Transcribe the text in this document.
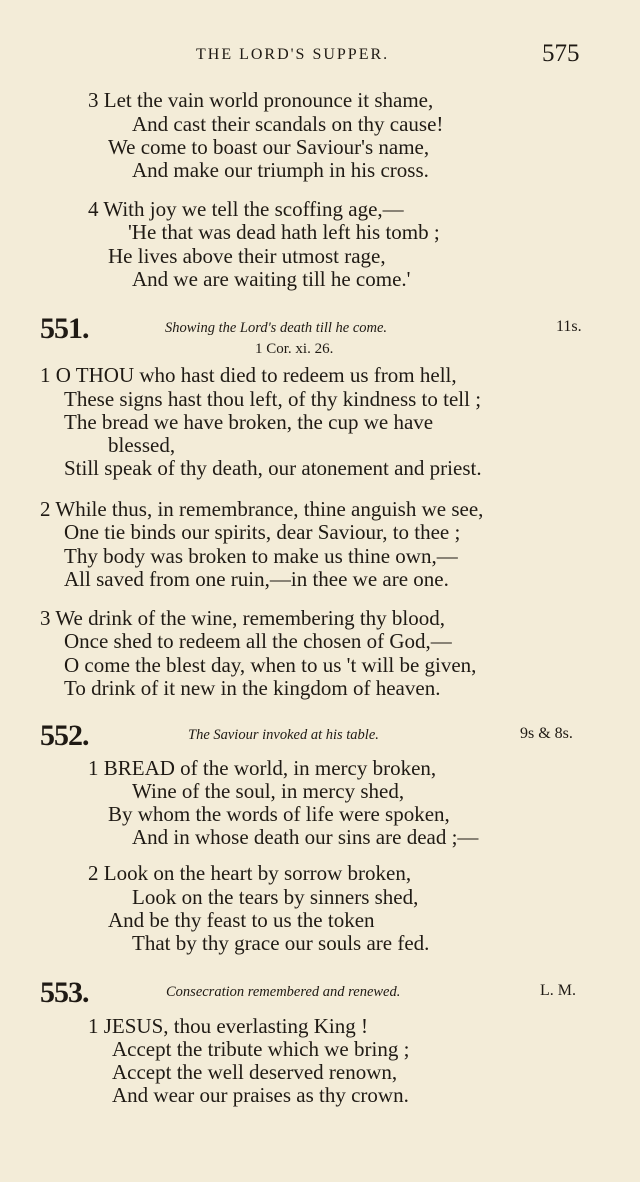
THE LORD'S SUPPER.	575
3 Let the vain world pronounce it shame,
And cast their scandals on thy cause!
We come to boast our Saviour's name,
And make our triumph in his cross.
4 With joy we tell the scoffing age,—
'He that was dead hath left his tomb ;
He lives above their utmost rage,
And we are waiting till he come.'
551.	Showing the Lord's death till he come.	11s.
1 Cor. xi. 26.
1 O THOU who hast died to redeem us from hell,
These signs hast thou left, of thy kindness to tell ;
The bread we have broken, the cup we have
blessed,
Still speak of thy death, our atonement and priest.
2 While thus, in remembrance, thine anguish we see,
One tie binds our spirits, dear Saviour, to thee ;
Thy body was broken to make us thine own,—
All saved from one ruin,—in thee we are one.
3 We drink of the wine, remembering thy blood,
Once shed to redeem all the chosen of God,—
O come the blest day, when to us 't will be given,
To drink of it new in the kingdom of heaven.
552.	The Saviour invoked at his table.	9s & 8s.
1 BREAD of the world, in mercy broken,
Wine of the soul, in mercy shed,
By whom the words of life were spoken,
And in whose death our sins are dead ;—
2 Look on the heart by sorrow broken,
Look on the tears by sinners shed,
And be thy feast to us the token
That by thy grace our souls are fed.
553.	Consecration remembered and renewed.	L. M.
1 JESUS, thou everlasting King !
Accept the tribute which we bring ;
Accept the well deserved renown,
And wear our praises as thy crown.
